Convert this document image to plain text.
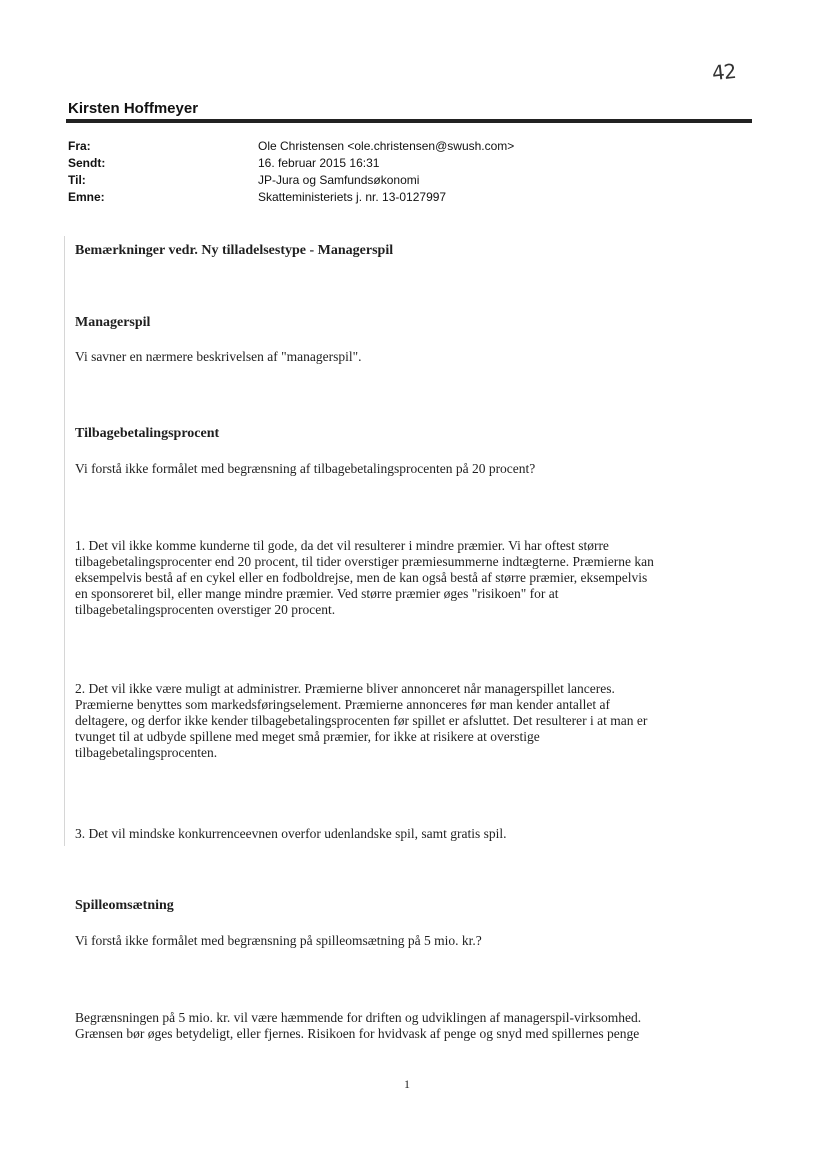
42
Kirsten Hoffmeyer
Fra:	Ole Christensen <ole.christensen@swush.com>
Sendt:	16. februar 2015 16:31
Til:	JP-Jura og Samfundsøkonomi
Emne:	Skatteministeriets j. nr. 13-0127997
Bemærkninger vedr. Ny tilladelsestype - Managerspil
Managerspil
Vi savner en nærmere beskrivelsen af "managerspil".
Tilbagebetalingsprocent
Vi forstå ikke formålet med begrænsning af tilbagebetalingsprocenten på 20 procent?
1. Det vil ikke komme kunderne til gode, da det vil resulterer i mindre præmier. Vi har oftest større
tilbagebetalingsprocenter end 20 procent, til tider overstiger præmiesummerne indtægterne. Præmierne kan
eksempelvis bestå af en cykel eller en fodboldrejse, men de kan også bestå af større præmier, eksempelvis
en sponsoreret bil, eller mange mindre præmier. Ved større præmier øges "risikoen" for at
tilbagebetalingsprocenten overstiger 20 procent.
2. Det vil ikke være muligt at administrer. Præmierne bliver annonceret når managerspillet lanceres.
Præmierne benyttes som markedsføringselement. Præmierne annonceres før man kender antallet af
deltagere, og derfor ikke kender tilbagebetalingsprocenten før spillet er afsluttet. Det resulterer i at man er
tvunget til at udbyde spillene med meget små præmier, for ikke at risikere at overstige
tilbagebetalingsprocenten.
3. Det vil mindske konkurrenceevnen overfor udenlandske spil, samt gratis spil.
Spilleomsætning
Vi forstå ikke formålet med begrænsning på spilleomsætning på 5 mio. kr.?
Begrænsningen på 5 mio. kr. vil være hæmmende for driften og udviklingen af managerspil-virksomhed.
Grænsen bør øges betydeligt, eller fjernes. Risikoen for hvidvask af penge og snyd med spillernes penge
1
